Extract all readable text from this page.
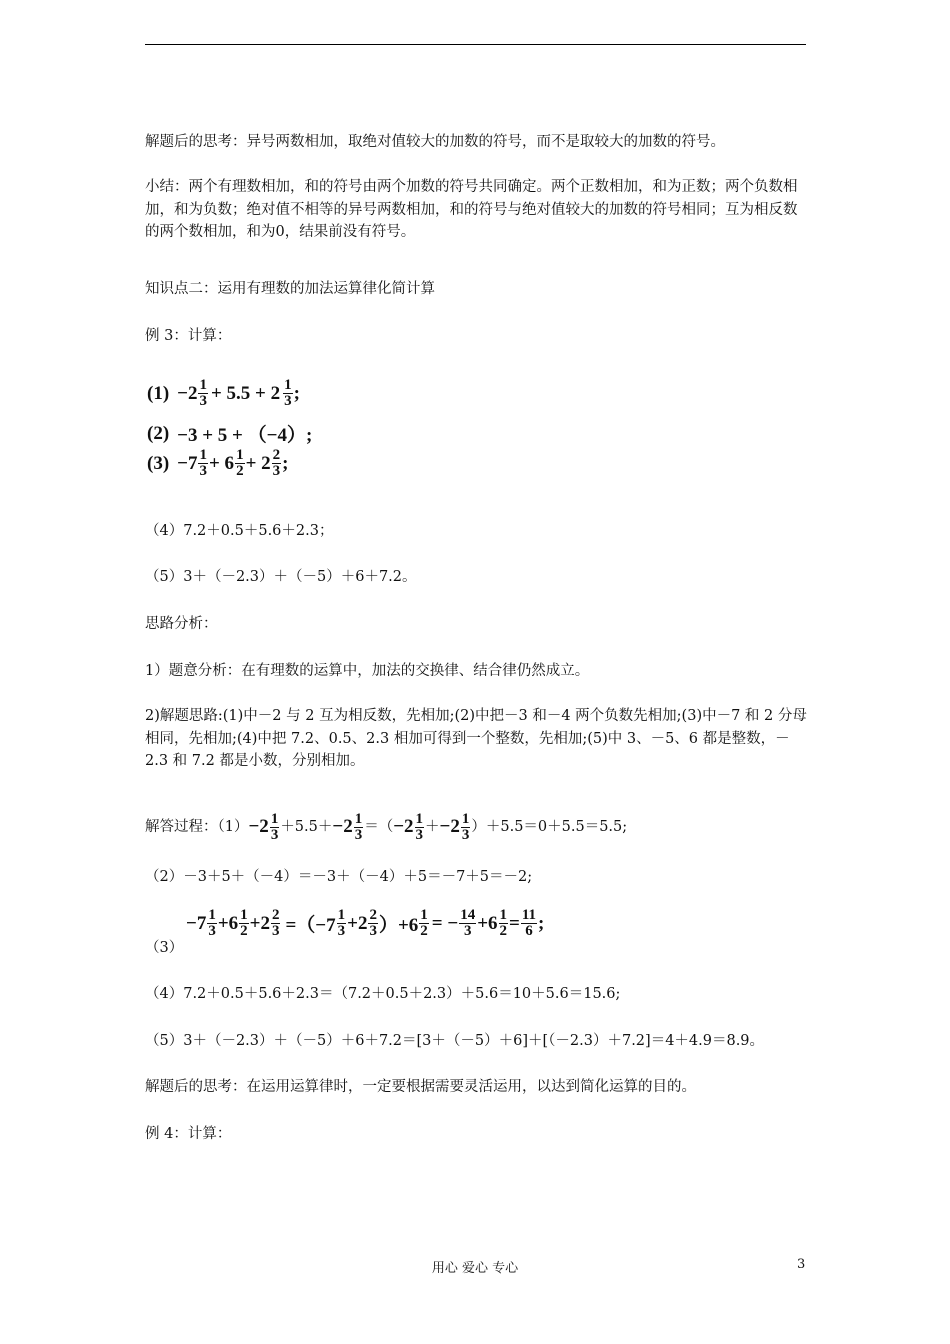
解题后的思考：异号两数相加，取绝对值较大的加数的符号，而不是取较大的加数的符号。

小结：两个有理数相加，和的符号由两个加数的符号共同确定。两个正数相加，和为正数；两个负数相加，和为负数；绝对值不相等的异号两数相加，和的符号与绝对值较大的加数的符号相同；互为相反数的两个数相加，和为0，结果前没有符号。

知识点二：运用有理数的加法运算律化简计算

例 3：计算：

$(1) -2 \frac{1}{3} + 5.5 + 2 \frac{1}{3}$ ;
(2) −3 + 5 + （−4）;
$(3) -7 \frac{1}{3} + 6 \frac{1}{2} + 2 \frac{2}{3}$ ;

（4）7.2＋0.5＋5.6＋2.3；

（5）3＋（－2.3）＋（－5）＋6＋7.2。

思路分析：

1）题意分析：在有理数的运算中，加法的交换律、结合律仍然成立。

2)解题思路:(1)中－2 与 2 互为相反数，先相加;(2)中把－3 和－4 两个负数先相加;(3)中－7 和 2 分母相同，先相加;(4)中把 7.2、0.5、2.3 相加可得到一个整数，先相加;(5)中 3、－5、6 都是整数，－2.3 和 7.2 都是小数，分别相加。

解答过程：$(1) -2 \frac{1}{3} +5.5+ -2 \frac{1}{3}$ ＝（ $-2 \frac{1}{3} + -2 \frac{1}{3} )+5.5=0+5.5=5.5$;

（2）－3＋5＋（－4）＝－3＋（－4）＋5＝－7＋5＝－2;

（3）
$-7 \frac{1}{3} +6 \frac{1}{2} +2 \frac{2}{3} =(-7 \frac{1}{3} +2 \frac{2}{3} )+6 \frac{1}{2}$ = − $\frac{14}{3} +6 \frac{1}{2} = \frac{11}{6}$ ;

（4）7.2＋0.5＋5.6＋2.3＝（7.2＋0.5＋2.3）＋5.6＝10＋5.6＝15.6;

（5）3＋（－2.3）＋（－5）＋6＋7.2＝[3＋（－5）＋6]＋[（－2.3）＋7.2]＝4＋4.9＝8.9。

解题后的思考：在运用运算律时，一定要根据需要灵活运用，以达到简化运算的目的。

例 4：计算：

用心 爱心 专心	3
